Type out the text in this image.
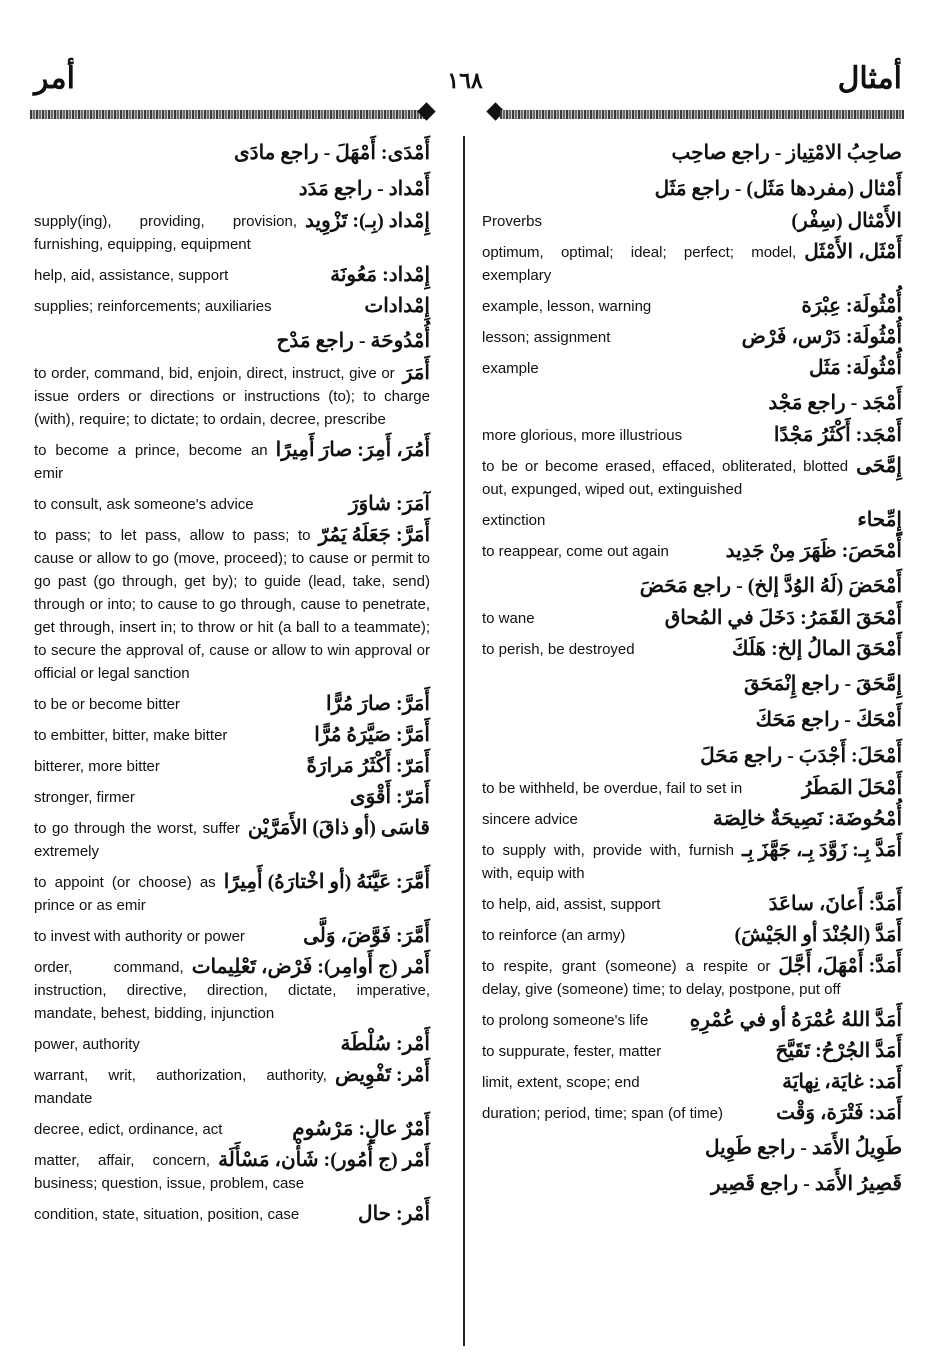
أمر	١٦٨	أمثال
أَمْدَى: أَمْهَلَ - راجع مادَى
أَمْداد - راجع مَدَد
إِمْداد (بِـ): تَزْوِيد
supply(ing), providing, provision, furnishing, equipping, equipment
إِمْداد: مَعُونَة
help, aid, assistance, support
إِمْدادات
supplies; reinforcements; auxiliaries
أُمْدُوحَة - راجع مَدْح
أَمَرَ
to order, command, bid, enjoin, direct, instruct, give or issue orders or directions or instructions (to); to charge (with), require; to dictate; to ordain, decree, prescribe
أَمُرَ، أَمِرَ: صارَ أَمِيرًا
to become a prince, become an emir
آمَرَ: شاوَرَ
to consult, ask someone's advice
أَمَرَّ: جَعَلَهُ يَمُرّ
to pass; to let pass, allow to pass; to cause or allow to go (move, proceed); to cause or permit to go past (go through, get by); to guide (lead, take, send) through or into; to cause to go through, cause to penetrate, get through, insert in; to throw or hit (a ball to a teammate); to secure the approval of, cause or allow to win approval or official or legal sanction
أَمَرَّ: صارَ مُرًّا
to be or become bitter
أَمَرَّ: صَيَّرَهُ مُرًّا
to embitter, bitter, make bitter
أَمَرّ: أَكْثَرُ مَرارَةً
bitterer, more bitter
أَمَرّ: أَقْوَى
stronger, firmer
قاسَى (أو ذاقَ) الأَمَرَّيْن
to go through the worst, suffer extremely
أَمَّرَ: عَيَّنَهُ (أو اخْتارَهُ) أَمِيرًا
to appoint (or choose) as prince or as emir
أَمَّرَ: فَوَّضَ، وَلَّى
to invest with authority or power
أَمْر (ج أَوامِر): فَرْض، تَعْلِيمات
order, command, instruction, directive, direction, dictate, imperative, mandate, behest, bidding, injunction
أَمْر: سُلْطَة
power, authority
أَمْر: تَفْوِيض
warrant, writ, authorization, authority, mandate
أَمْرٌ عالٍ: مَرْسُوم
decree, edict, ordinance, act
أَمْر (ج أُمُور): شَأْن، مَسْأَلَة
matter, affair, concern, business; question, issue, problem, case
أَمْر: حال
condition, state, situation, position, case
صاحِبُ الامْتِياز - راجع صاحِب
أَمْثال (مفردها مَثَل) - راجع مَثَل
الأَمْثال (سِفْر)
Proverbs
أَمْثَل، الأَمْثَل
optimum, optimal; ideal; perfect; model, exemplary
أُمْثُولَة: عِبْرَة
example, lesson, warning
أُمْثُولَة: دَرْس، فَرْض
lesson; assignment
أُمْثُولَة: مَثَل
example
أَمْجَد - راجع مَجْد
أَمْجَد: أَكْثَرُ مَجْدًا
more glorious, more illustrious
إِمَّحَى
to be or become erased, effaced, obliterated, blotted out, expunged, wiped out, extinguished
إِمِّحاء
extinction
أَمْحَصَ: ظَهَرَ مِنْ جَدِيد
to reappear, come out again
أَمْحَضَ (لَهُ الوُدَّ إلخ) - راجع مَحَضَ
أَمْحَقَ القَمَرُ: دَخَلَ في المُحاق
to wane
أَمْحَقَ المالُ إلخ: هَلَكَ
to perish, be destroyed
إِمَّحَقَ - راجع إِنْمَحَقَ
أَمْحَكَ - راجع مَحَكَ
أَمْحَلَ: أَجْدَبَ - راجع مَحَلَ
أَمْحَلَ المَطَرُ
to be withheld, be overdue, fail to set in
أُمْحُوضَة: نَصِيحَةٌ خالِصَة
sincere advice
أَمَدَّ بِـ: زَوَّدَ بِـ، جَهَّزَ بِـ
to supply with, provide with, furnish with, equip with
أَمَدَّ: أَعانَ، ساعَدَ
to help, aid, assist, support
أَمَدَّ (الجُنْدَ أو الجَيْشَ)
to reinforce (an army)
أَمَدَّ: أَمْهَلَ، أَجَّلَ
to respite, grant (someone) a respite or delay, give (someone) time; to delay, postpone, put off
أَمَدَّ اللهُ عُمْرَهُ أو في عُمْرِهِ
to prolong someone's life
أَمَدَّ الجُرْحُ: تَقَيَّحَ
to suppurate, fester, matter
أَمَد: غايَة، نِهايَة
limit, extent, scope; end
أَمَد: فَتْرَة، وَقْت
duration; period, time; span (of time)
طَوِيلُ الأَمَد - راجع طَوِيل
قَصِيرُ الأَمَد - راجع قَصِير
